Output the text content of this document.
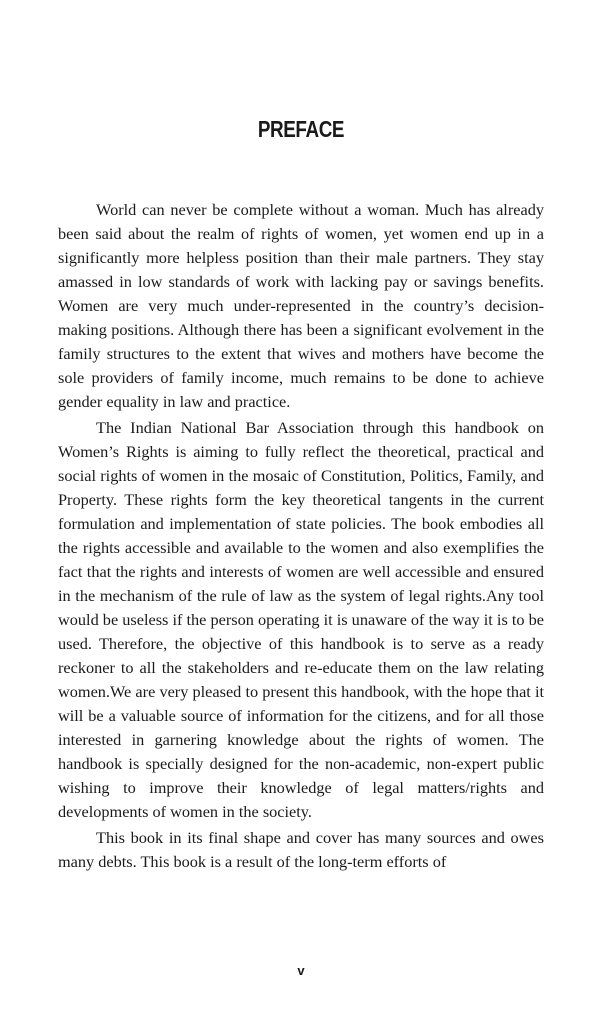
PREFACE

World can never be complete without a woman. Much has already been said about the realm of rights of women, yet women end up in a significantly more helpless position than their male partners. They stay amassed in low standards of work with lacking pay or savings benefits. Women are very much under-represented in the country’s decision-making positions. Although there has been a significant evolvement in the family structures to the extent that wives and mothers have become the sole providers of family income, much remains to be done to achieve gender equality in law and practice.

The Indian National Bar Association through this handbook on Women’s Rights is aiming to fully reflect the theoretical, practical and social rights of women in the mosaic of Constitution, Politics, Family, and Property. These rights form the key theoretical tangents in the current formulation and implementation of state policies. The book embodies all the rights accessible and available to the women and also exemplifies the fact that the rights and interests of women are well accessible and ensured in the mechanism of the rule of law as the system of legal rights.Any tool would be useless if the person operating it is unaware of the way it is to be used. Therefore, the objective of this handbook is to serve as a ready reckoner to all the stakeholders and re-educate them on the law relating women.We are very pleased to present this handbook, with the hope that it will be a valuable source of information for the citizens, and for all those interested in garnering knowledge about the rights of women. The handbook is specially designed for the non-academic, non-expert public wishing to improve their knowledge of legal matters/rights and developments of women in the society.

This book in its final shape and cover has many sources and owes many debts. This book is a result of the long-term efforts of

v
